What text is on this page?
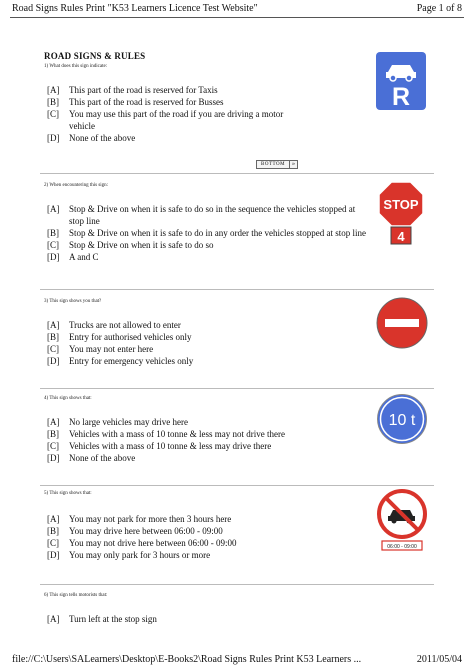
Road Signs Rules Print "K53 Learners Licence Test Website"	Page 1 of 8
ROAD SIGNS & RULES
1) What does this sign indicate:
[A]	This part of the road is reserved for Taxis
[B]	This part of the road is reserved for Busses
[C]	You may use this part of the road if you are driving a motor vehicle
[D]	None of the above
R
BOTTOM	»
2) When encountering this sign:
[A]	Stop & Drive on when it is safe to do so in the sequence the vehicles stopped at stop line
[B]	Stop & Drive on when it is safe to do in any order the vehicles stopped at stop line
[C]	Stop & Drive on when it is safe to do so
[D]	A and C
STOP
4
3) This sign shows you that?
[A]	Trucks are not allowed to enter
[B]	Entry for authorised vehicles only
[C]	You may not enter here
[D]	Entry for emergency vehicles only
4) This sign shows that:
[A]	No large vehicles may drive here
[B]	Vehicles with a mass of 10 tonne & less may not drive there
[C]	Vehicles with a mass of 10 tonne & less may drive there
[D]	None of the above
10 t
5) This sign shows that:
[A]	You may not park for more then 3 hours here
[B]	You may drive here between 06:00 - 09:00
[C]	You may not drive here between 06:00 - 09:00
[D]	You may only park for 3 hours or more
06:00 - 09:00
6) This sign tells motorists that:
[A]	Turn left at the stop sign
file://C:\Users\SALearners\Desktop\E-Books2\Road Signs Rules Print K53 Learners ...	2011/05/04
